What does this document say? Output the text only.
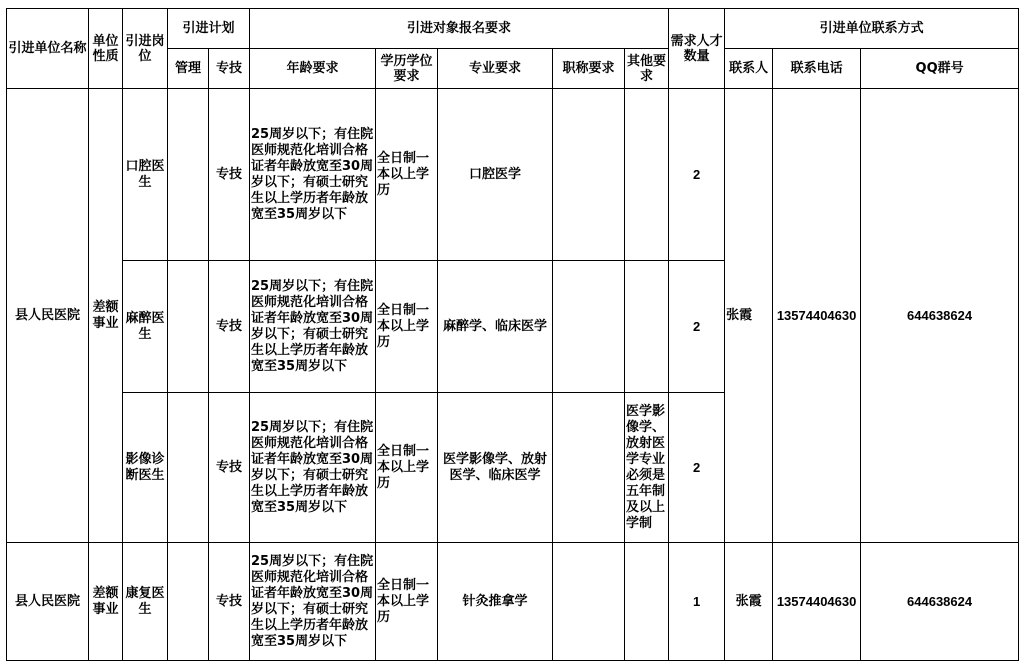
引进单位名称	单位性质	引进岗位	引进计划		引进对象报名要求					需求人才数量	引进单位联系方式		
			管理	专技	年龄要求	学历学位要求	专业要求	职称要求	其他要求		联系人	联系电话	QQ群号
县人民医院	差额事业	口腔医生		专技	25周岁以下；有住院医师规范化培训合格证者年龄放宽至30周岁以下；有硕士研究生以上学历者年龄放宽至35周岁以下	全日制一本以上学历	口腔医学			2	张霞	13574404630	644638624
		麻醉医生		专技	25周岁以下；有住院医师规范化培训合格证者年龄放宽至30周岁以下；有硕士研究生以上学历者年龄放宽至35周岁以下	全日制一本以上学历	麻醉学、临床医学			2			
		影像诊断医生		专技	25周岁以下；有住院医师规范化培训合格证者年龄放宽至30周岁以下；有硕士研究生以上学历者年龄放宽至35周岁以下	全日制一本以上学历	医学影像学、放射医学、临床医学		医学影像学、放射医学专业必须是五年制及以上学制	2			
县人民医院	差额事业	康复医生		专技	25周岁以下；有住院医师规范化培训合格证者年龄放宽至30周岁以下；有硕士研究生以上学历者年龄放宽至35周岁以下	全日制一本以上学历	针灸推拿学			1	张霞	13574404630	644638624
